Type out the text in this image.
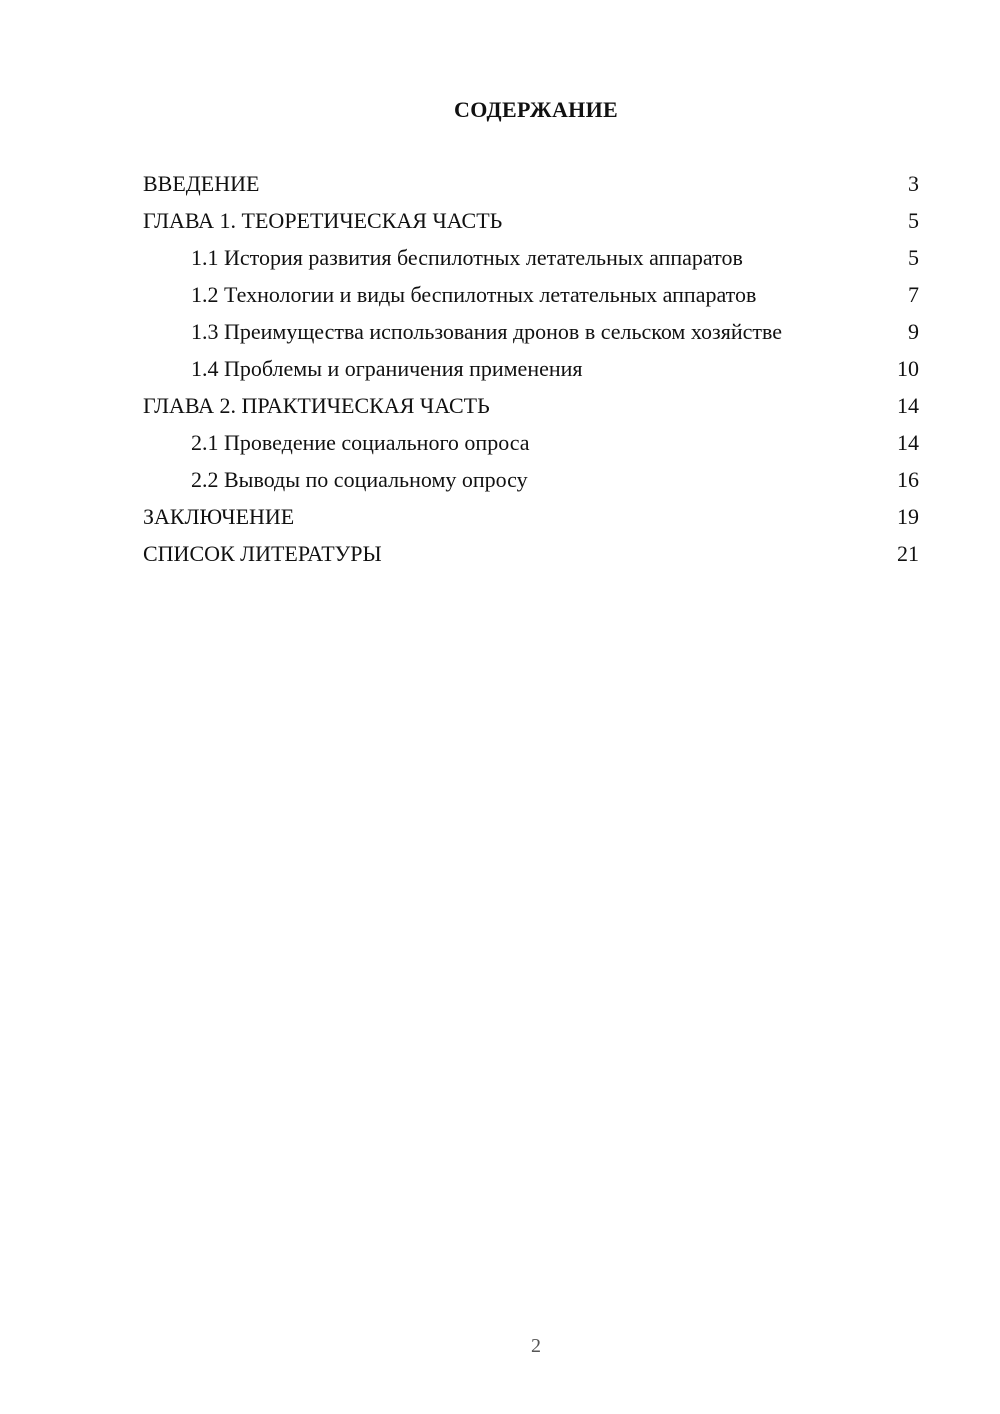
СОДЕРЖАНИЕ
ВВЕДЕНИЕ	3
ГЛАВА 1. ТЕОРЕТИЧЕСКАЯ ЧАСТЬ	5
1.1 История развития беспилотных летательных аппаратов	5
1.2 Технологии и виды беспилотных летательных аппаратов	7
1.3 Преимущества использования дронов в сельском хозяйстве	9
1.4 Проблемы и ограничения применения	10
ГЛАВА 2. ПРАКТИЧЕСКАЯ ЧАСТЬ	14
2.1 Проведение социального опроса	14
2.2 Выводы по социальному опросу	16
ЗАКЛЮЧЕНИЕ	19
СПИСОК ЛИТЕРАТУРЫ	21
2
